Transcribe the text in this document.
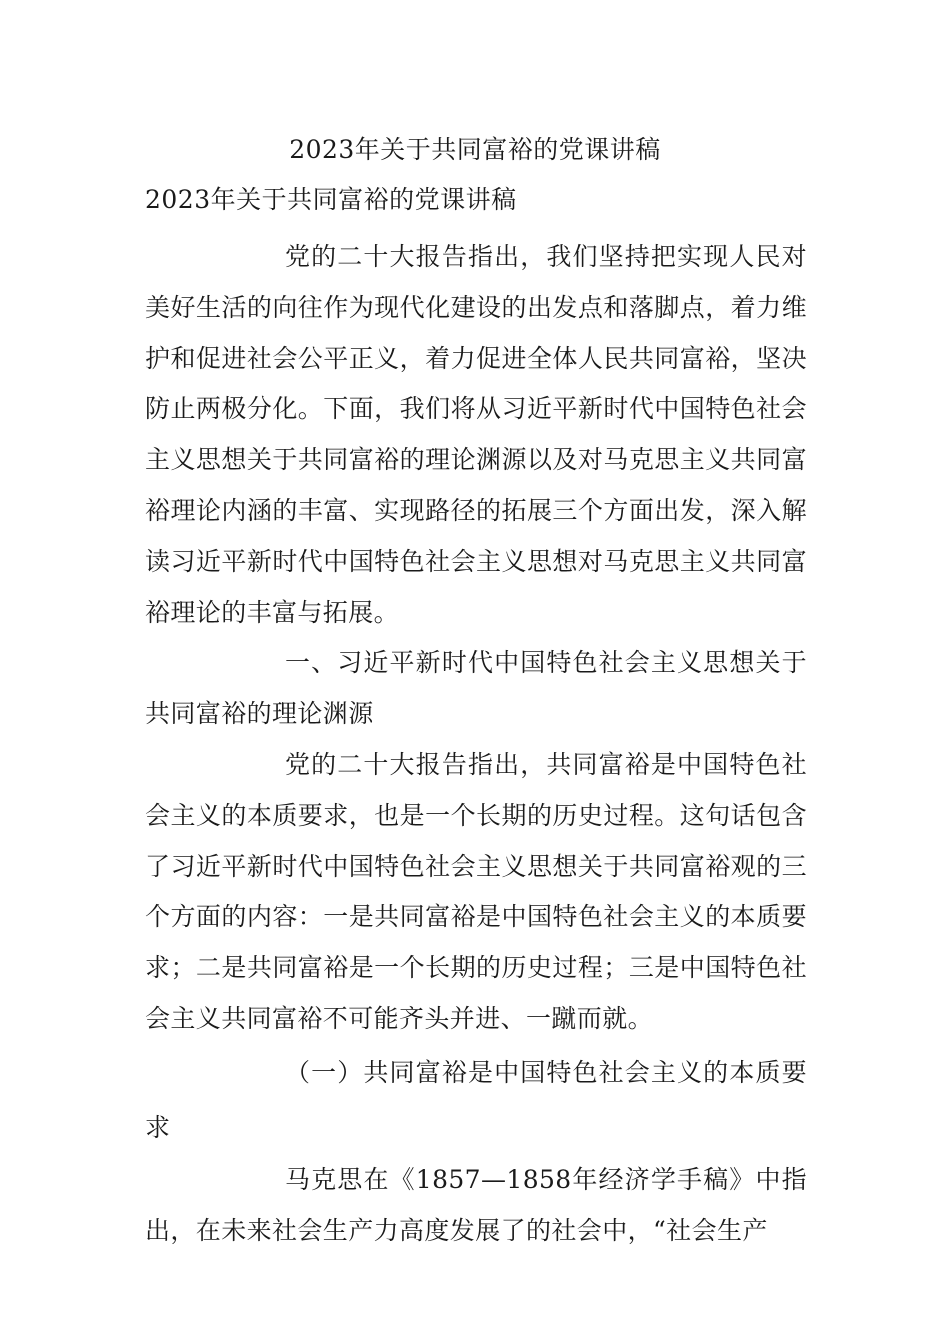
2023年关于共同富裕的党课讲稿

2023年关于共同富裕的党课讲稿

党的二十大报告指出，我们坚持把实现人民对美好生活的向往作为现代化建设的出发点和落脚点，着力维护和促进社会公平正义，着力促进全体人民共同富裕，坚决防止两极分化。下面，我们将从习近平新时代中国特色社会主义思想关于共同富裕的理论渊源以及对马克思主义共同富裕理论内涵的丰富、实现路径的拓展三个方面出发，深入解读习近平新时代中国特色社会主义思想对马克思主义共同富裕理论的丰富与拓展。

一、习近平新时代中国特色社会主义思想关于共同富裕的理论渊源

党的二十大报告指出，共同富裕是中国特色社会主义的本质要求，也是一个长期的历史过程。这句话包含了习近平新时代中国特色社会主义思想关于共同富裕观的三个方面的内容：一是共同富裕是中国特色社会主义的本质要求；二是共同富裕是一个长期的历史过程；三是中国特色社会主义共同富裕不可能齐头并进、一蹴而就。

（一）共同富裕是中国特色社会主义的本质要求

马克思在《1857—1858年经济学手稿》中指出，在未来社会生产力高度发展了的社会中，“社会生产
